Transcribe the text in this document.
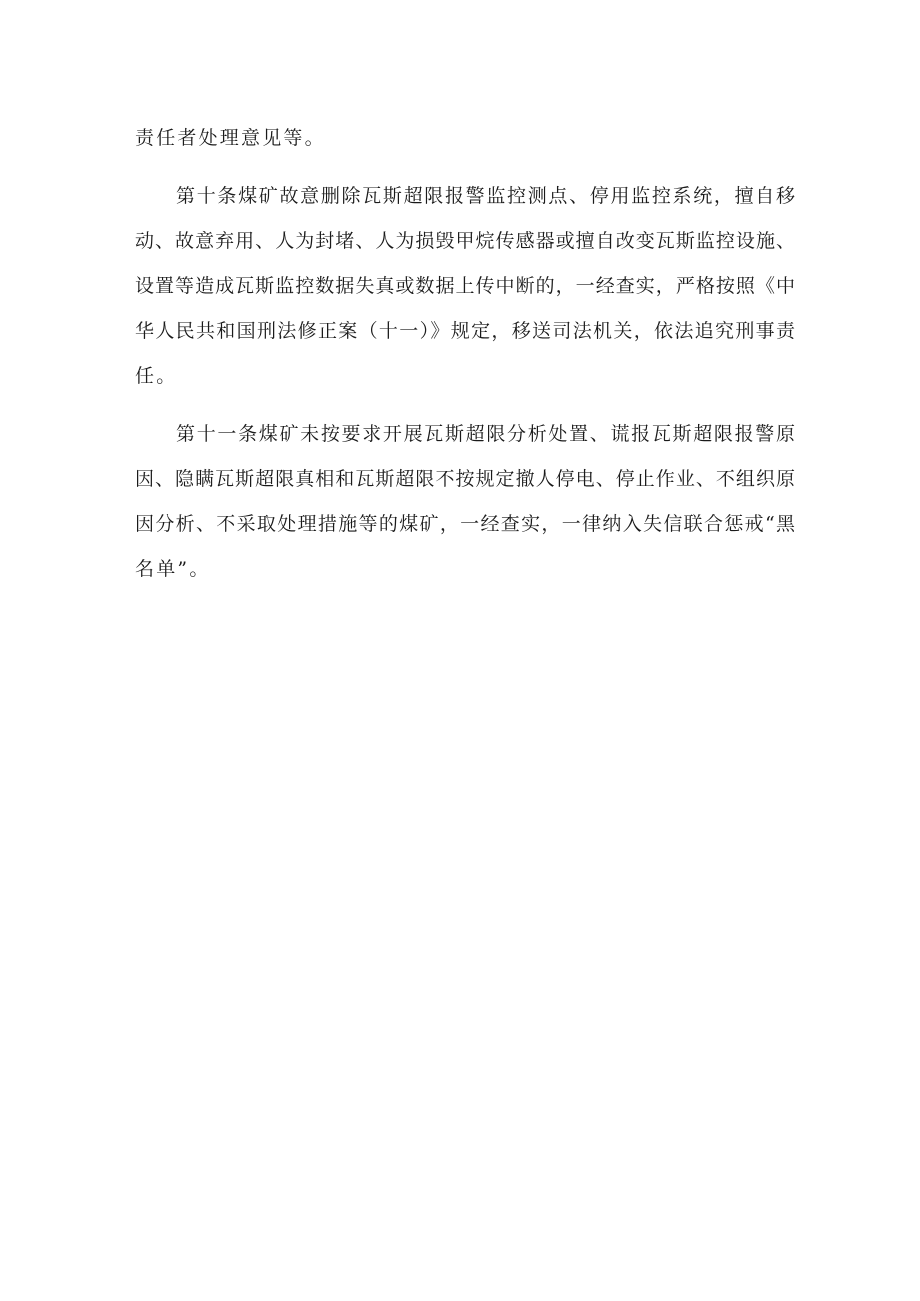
责任者处理意见等。
第十条煤矿故意删除瓦斯超限报警监控测点、停用监控系统，擅自移
动、故意弃用、人为封堵、人为损毁甲烷传感器或擅自改变瓦斯监控设施、
设置等造成瓦斯监控数据失真或数据上传中断的，一经查实，严格按照《中
华人民共和国刑法修正案（十一）》规定，移送司法机关，依法追究刑事责
任。
第十一条煤矿未按要求开展瓦斯超限分析处置、谎报瓦斯超限报警原
因、隐瞒瓦斯超限真相和瓦斯超限不按规定撤人停电、停止作业、不组织原
因分析、不采取处理措施等的煤矿，一经查实，一律纳入失信联合惩戒“黑
名单”。
